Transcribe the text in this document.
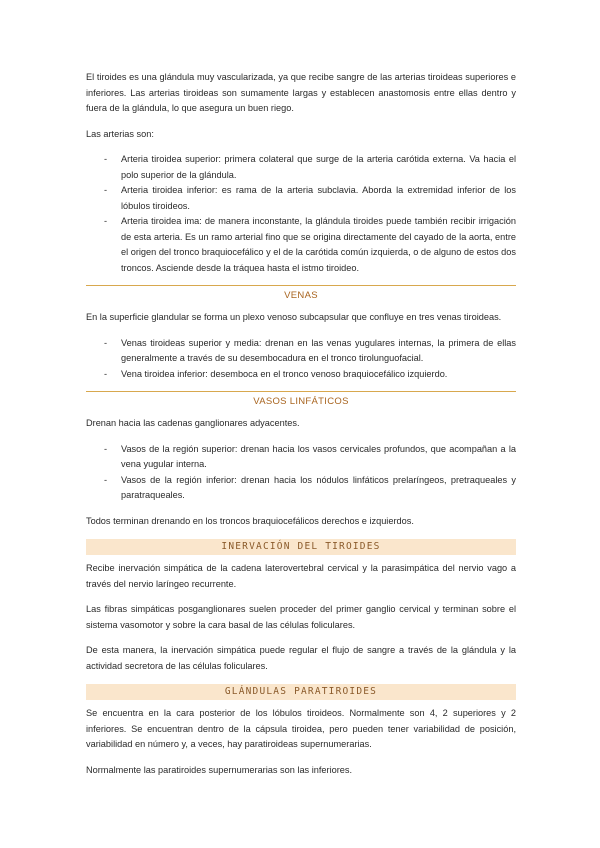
El tiroides es una glándula muy vascularizada, ya que recibe sangre de las arterias tiroideas superiores e inferiores. Las arterias tiroideas son sumamente largas y establecen anastomosis entre ellas dentro y fuera de la glándula, lo que asegura un buen riego.

Las arterias son:

- Arteria tiroidea superior: primera colateral que surge de la arteria carótida externa. Va hacia el polo superior de la glándula.
- Arteria tiroidea inferior: es rama de la arteria subclavia. Aborda la extremidad inferior de los lóbulos tiroideos.
- Arteria tiroidea ima: de manera inconstante, la glándula tiroides puede también recibir irrigación de esta arteria. Es un ramo arterial fino que se origina directamente del cayado de la aorta, entre el origen del tronco braquiocefálico y el de la carótida común izquierda, o de alguno de estos dos troncos. Asciende desde la tráquea hasta el istmo tiroideo.
VENAS

En la superficie glandular se forma un plexo venoso subcapsular que confluye en tres venas tiroideas.

- Venas tiroideas superior y media: drenan en las venas yugulares internas, la primera de ellas generalmente a través de su desembocadura en el tronco tirolunguofacial.
- Vena tiroidea inferior: desemboca en el tronco venoso braquiocefálico izquierdo.
VASOS LINFÁTICOS

Drenan hacia las cadenas ganglionares adyacentes.

- Vasos de la región superior: drenan hacia los vasos cervicales profundos, que acompañan a la vena yugular interna.
- Vasos de la región inferior: drenan hacia los nódulos linfáticos prelaríngeos, pretraqueales y paratraqueales.

Todos terminan drenando en los troncos braquiocefálicos derechos e izquierdos.

INERVACIÓN DEL TIROIDES

Recibe inervación simpática de la cadena laterovertebral cervical y la parasimpática del nervio vago a través del nervio laríngeo recurrente.

Las fibras simpáticas posganglionares suelen proceder del primer ganglio cervical y terminan sobre el sistema vasomotor y sobre la cara basal de las células foliculares.

De esta manera, la inervación simpática puede regular el flujo de sangre a través de la glándula y la actividad secretora de las células foliculares.

GLÁNDULAS PARATIROIDES

Se encuentra en la cara posterior de los lóbulos tiroideos. Normalmente son 4, 2 superiores y 2 inferiores. Se encuentran dentro de la cápsula tiroidea, pero pueden tener variabilidad de posición, variabilidad en número y, a veces, hay paratiroideas supernumerarias.

Normalmente las paratiroides supernumerarias son las inferiores.
